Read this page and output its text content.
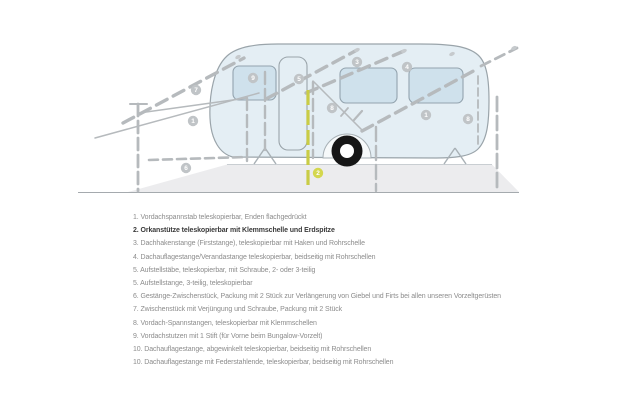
7
1
6
9	5
3
4
8
1
8
2
1. Vordachspannstab teleskopierbar, Enden flachgedrückt
2. Orkanstütze teleskopierbar mit Klemmschelle und Erdspitze
3. Dachhakenstange (Firststange), teleskopierbar mit Haken und Rohrschelle
4. Dachauflagestange/Verandastange teleskopierbar, beidseitig mit Rohrschellen
5. Aufstellstäbe, teleskopierbar, mit Schraube, 2- oder 3-teilig
5. Aufstellstange, 3-teilig, teleskopierbar
6. Gestänge-Zwischenstück, Packung mit 2 Stück zur Verlängerung von Giebel und Firts bei allen unseren Vorzeltgerüsten
7. Zwischenstück mit Verjüngung und Schraube, Packung mit 2 Stück
8. Vordach-Spannstangen, teleskopierbar mit Klemmschellen
9. Vordachstutzen mit 1 Stift (für Vorne beim Bungalow-Vorzelt)
10. Dachauflagestange, abgewinkelt teleskopierbar, beidseitig mit Rohrschellen
10. Dachauflagestange mit Federstahlende, teleskopierbar, beidseitig mit Rohrschellen
